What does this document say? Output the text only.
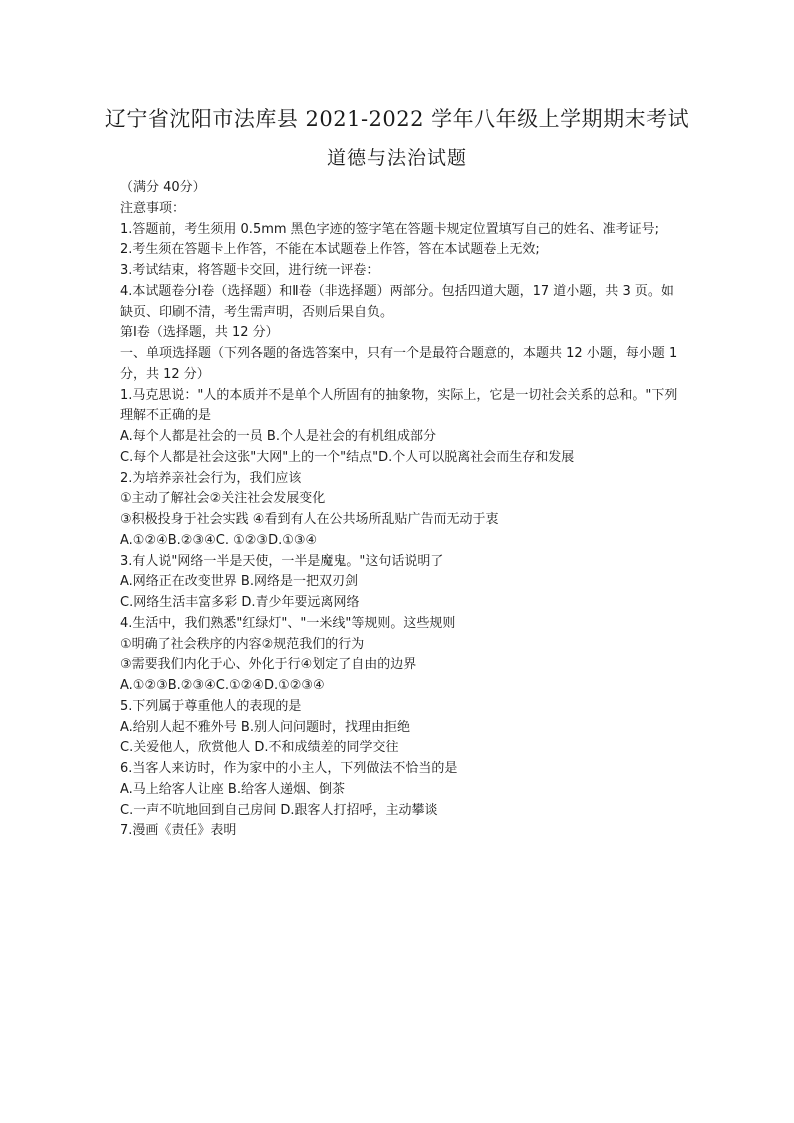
辽宁省沈阳市法库县 2021-2022 学年八年级上学期期末考试
道德与法治试题
（满分 40分）
注意事项：
1.答题前，考生须用 0.5mm 黑色字迹的签字笔在答题卡规定位置填写自己的姓名、准考证号;
2.考生须在答题卡上作答，不能在本试题卷上作答，答在本试题卷上无效;
3.考试结束，将答题卡交回，进行统一评卷：
4.本试题卷分Ⅰ卷（选择题）和Ⅱ卷（非选择题）两部分。包括四道大题，17 道小题，共 3 页。如缺页、印刷不清，考生需声明，否则后果自负。
第Ⅰ卷（选择题，共 12 分）
一、单项选择题（下列各题的备选答案中，只有一个是最符合题意的，本题共 12 小题，每小题 1 分，共 12 分）
1.马克思说："人的本质并不是单个人所固有的抽象物，实际上，它是一切社会关系的总和。"下列理解不正确的是
A.每个人都是社会的一员 B.个人是社会的有机组成部分
C.每个人都是社会这张"大网"上的一个"结点"D.个人可以脱离社会而生存和发展
2.为培养亲社会行为，我们应该
①主动了解社会②关注社会发展变化
③积极投身于社会实践 ④看到有人在公共场所乱贴广告而无动于衷
A.①②④B.②③④C. ①②③D.①③④
3.有人说"网络一半是天使，一半是魔鬼。"这句话说明了
A.网络正在改变世界 B.网络是一把双刃剑
C.网络生活丰富多彩 D.青少年要远离网络
4.生活中，我们熟悉"红绿灯"、"一米线"等规则。这些规则
①明确了社会秩序的内容②规范我们的行为
③需要我们内化于心、外化于行④划定了自由的边界
A.①②③B.②③④C.①②④D.①②③④
5.下列属于尊重他人的表现的是
A.给别人起不雅外号 B.别人问问题时，找理由拒绝
C.关爱他人，欣赏他人 D.不和成绩差的同学交往
6.当客人来访时，作为家中的小主人，下列做法不恰当的是
A.马上给客人让座 B.给客人递烟、倒茶
C.一声不吭地回到自己房间 D.跟客人打招呼，主动攀谈
7.漫画《责任》表明
